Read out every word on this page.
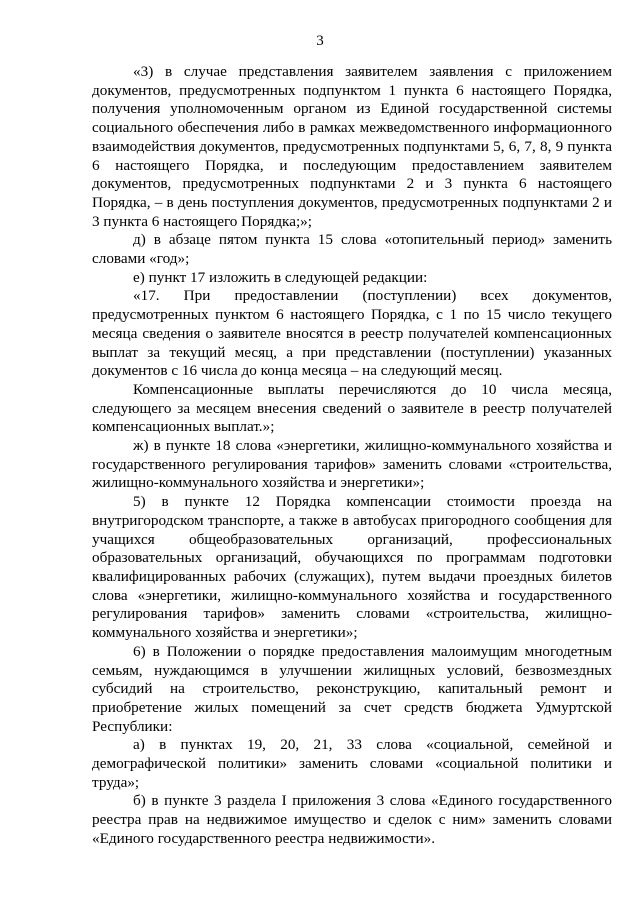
3

«3) в случае представления заявителем заявления с приложением документов, предусмотренных подпунктом 1 пункта 6 настоящего Порядка, получения уполномоченным органом из Единой государственной системы социального обеспечения либо в рамках межведомственного информационного взаимодействия документов, предусмотренных подпунктами 5, 6, 7, 8, 9 пункта 6 настоящего Порядка, и последующим предоставлением заявителем документов, предусмотренных подпунктами 2 и 3 пункта 6 настоящего Порядка, – в день поступления документов, предусмотренных подпунктами 2 и 3 пункта 6 настоящего Порядка;»;

д) в абзаце пятом пункта 15 слова «отопительный период» заменить словами «год»;

е) пункт 17 изложить в следующей редакции:

«17. При предоставлении (поступлении) всех документов, предусмотренных пунктом 6 настоящего Порядка, с 1 по 15 число текущего месяца сведения о заявителе вносятся в реестр получателей компенсационных выплат за текущий месяц, а при представлении (поступлении) указанных документов с 16 числа до конца месяца – на следующий месяц.

Компенсационные выплаты перечисляются до 10 числа месяца, следующего за месяцем внесения сведений о заявителе в реестр получателей компенсационных выплат.»;

ж) в пункте 18 слова «энергетики, жилищно-коммунального хозяйства и государственного регулирования тарифов» заменить словами «строительства, жилищно-коммунального хозяйства и энергетики»;

5) в пункте 12 Порядка компенсации стоимости проезда на внутригородском транспорте, а также в автобусах пригородного сообщения для учащихся общеобразовательных организаций, профессиональных образовательных организаций, обучающихся по программам подготовки квалифицированных рабочих (служащих), путем выдачи проездных билетов слова «энергетики, жилищно-коммунального хозяйства и государственного регулирования тарифов» заменить словами «строительства, жилищно-коммунального хозяйства и энергетики»;

6) в Положении о порядке предоставления малоимущим многодетным семьям, нуждающимся в улучшении жилищных условий, безвозмездных субсидий на строительство, реконструкцию, капитальный ремонт и приобретение жилых помещений за счет средств бюджета Удмуртской Республики:

а) в пунктах 19, 20, 21, 33 слова «социальной, семейной и демографической политики» заменить словами «социальной политики и труда»;

б) в пункте 3 раздела I приложения 3 слова «Единого государственного реестра прав на недвижимое имущество и сделок с ним» заменить словами «Единого государственного реестра недвижимости».
